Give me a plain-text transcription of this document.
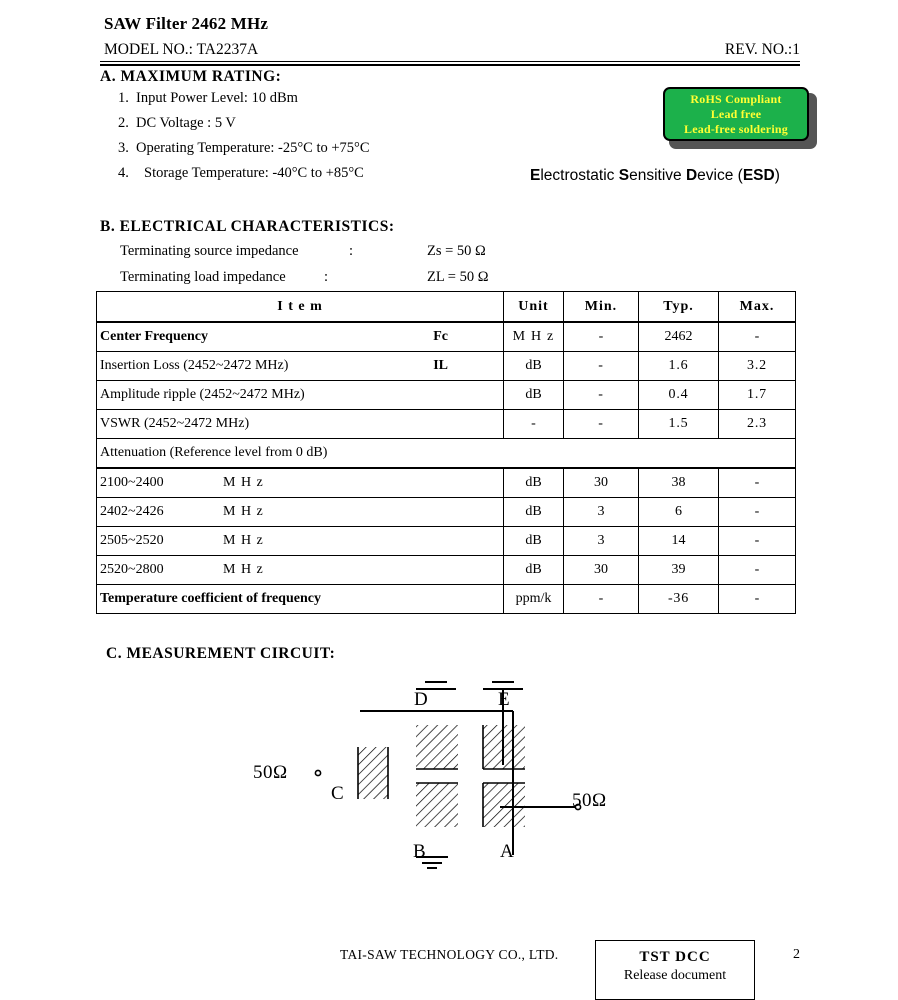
SAW Filter 2462 MHz
MODEL NO.: TA2237A	REV. NO.:1
A. MAXIMUM RATING:
1. Input Power Level: 10 dBm
2. DC Voltage : 5 V
3. Operating Temperature: -25°C to +75°C
4. Storage Temperature: -40°C to +85°C
RoHS Compliant
Lead free
Lead-free soldering
Electrostatic Sensitive Device (ESD)
B. ELECTRICAL CHARACTERISTICS:
Terminating source impedance	:	Zs = 50 Ω
Terminating load impedance	:	ZL = 50 Ω
I t e m	Unit	Min.	Typ.	Max.

Center Frequency Fc	M H z	-	2462	-

Insertion Loss (2452~2472 MHz) IL	dB	-	1.6	3.2

Amplitude ripple (2452~2472 MHz)	dB	-	0.4	1.7

VSWR (2452~2472 MHz)	-	-	1.5	2.3
Attenuation (Reference level from 0 dB)				

2100~2400 M H z	dB	30	38	-

2402~2426 M H z	dB	3	6	-

2505~2520 M H z	dB	3	14	-

2520~2800 M H z	dB	30	39	-

Temperature coefficient of frequency	ppm/k	-	-36	-
C. MEASUREMENT CIRCUIT:
50Ω
50Ω
A
B
C
D	E
TAI-SAW TECHNOLOGY CO., LTD.	TST DCC
Release document
2
